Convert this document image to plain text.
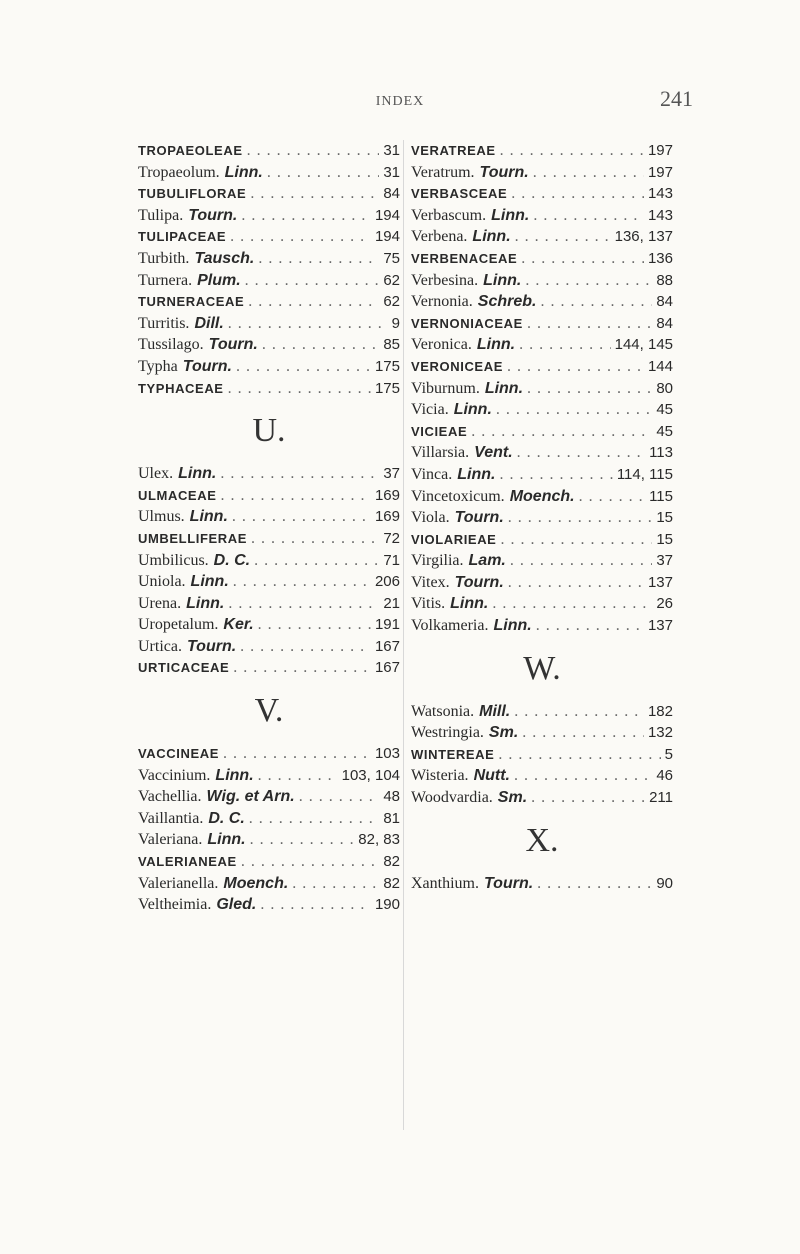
INDEX	241
TROPAEOLEAE . . .	31
Tropaeolum. Linn. . . .	31
TUBULIFLORAE . . .	84
Tulipa. Tourn. . . .	194
TULIPACEAE . . .	194
Turbith. Tausch. . . .	75
Turnera. Plum. . . .	62
TURNERACEAE . . .	62
Turritis. Dill. . . .	9
Tussilago. Tourn. . . .	85
Typha Tourn. . . .	175
TYPHACEAE . . .	175
U.
Ulex. Linn. . . .	37
ULMACEAE . . .	169
Ulmus. Linn. . . .	169
UMBELLIFERAE . . .	72
Umbilicus. D. C. . . .	71
Uniola. Linn. . . .	206
Urena. Linn. . . .	21
Uropetalum. Ker. . . .	191
Urtica. Tourn. . . .	167
URTICACEAE . . .	167
V.
VACCINEAE . . .	103
Vaccinium. Linn. . . .	103, 104
Vachellia. Wig. et Arn. . . .	48
Vaillantia. D. C. . . .	81
Valeriana. Linn. . . .	82, 83
VALERIANEAE . . .	82
Valerianella. Moench. . . .	82
Veltheimia. Gled. . . .	190
VERATREAE . . .	197
Veratrum. Tourn. . . .	197
VERBASCEAE . . .	143
Verbascum. Linn. . . .	143
Verbena. Linn. . . .	136, 137
VERBENACEAE . . .	136
Verbesina. Linn. . . .	88
Vernonia. Schreb. . . .	84
VERNONIACEAE . . .	84
Veronica. Linn. . . .	144, 145
VERONICEAE . . .	144
Viburnum. Linn. . . .	80
Vicia. Linn. . . .	45
VICIEAE . . .	45
Villarsia. Vent. . . .	113
Vinca. Linn. . . .	114, 115
Vincetoxicum. Moench. . . .	115
Viola. Tourn. . . .	15
VIOLARIEAE . . .	15
Virgilia. Lam. . . .	37
Vitex. Tourn. . . .	137
Vitis. Linn. . . .	26
Volkameria. Linn. . . .	137
W.
Watsonia. Mill. . . .	182
Westringia. Sm. . . .	132
WINTEREAE . . .	5
Wisteria. Nutt. . . .	46
Woodvardia. Sm. . . .	211
X.
Xanthium. Tourn. . . .	90
